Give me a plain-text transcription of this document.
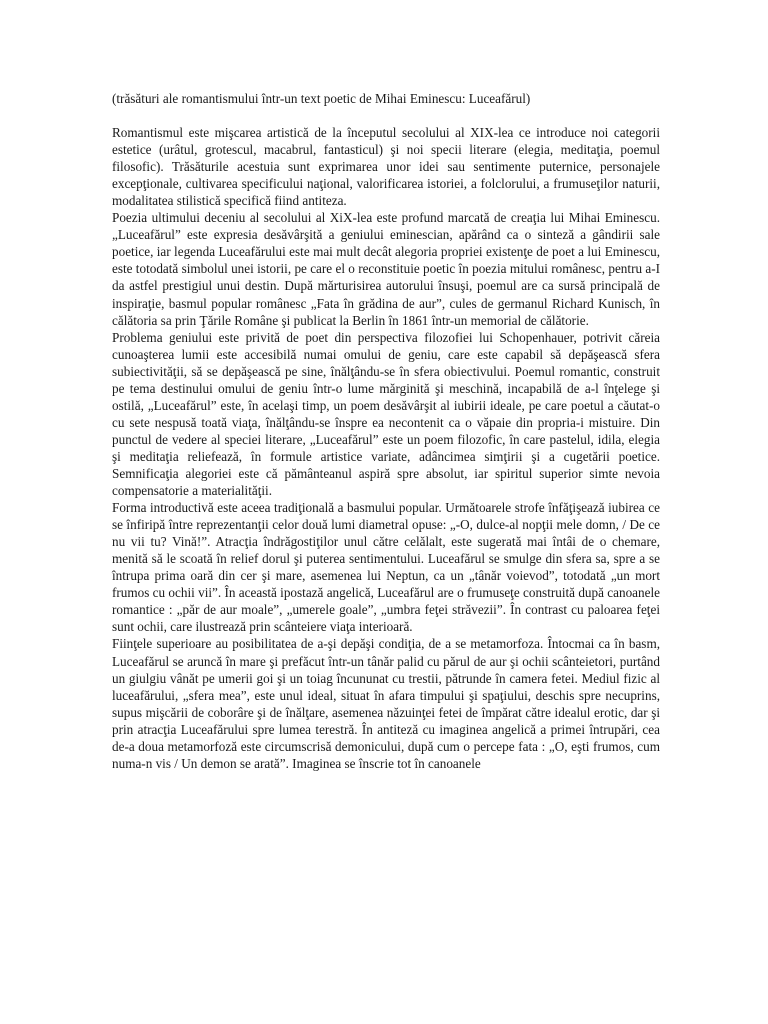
(trăsături ale romantismului într-un text poetic de Mihai Eminescu: Luceafărul)

Romantismul este mişcarea artistică de la începutul secolului al XIX-lea ce introduce noi categorii estetice (urâtul, grotescul, macabrul, fantasticul) şi noi specii literare (elegia, meditaţia, poemul filosofic). Trăsăturile acestuia sunt exprimarea unor idei sau sentimente puternice, personajele excepţionale, cultivarea specificului naţional, valorificarea istoriei, a folclorului, a frumuseţilor naturii, modalitatea stilistică specifică fiind antiteza.

Poezia ultimului deceniu al secolului al XiX-lea este profund marcată de creaţia lui Mihai Eminescu. „Luceafărul” este expresia desăvârşită a geniului eminescian, apărând ca o sinteză a gândirii sale poetice, iar legenda Luceafărului este mai mult decât alegoria propriei existenţe de poet a lui Eminescu, este totodată simbolul unei istorii, pe care el o reconstituie poetic în poezia mitului românesc, pentru a-I da astfel prestigiul unui destin. După mărturisirea autorului însuşi, poemul are ca sursă principală de inspiraţie, basmul popular românesc „Fata în grădina de aur”, cules de germanul Richard Kunisch, în călătoria sa prin Ţările Române şi publicat la Berlin în 1861 într-un memorial de călătorie.

Problema geniului este privită de poet din perspectiva filozofiei lui Schopenhauer, potrivit căreia cunoaşterea lumii este accesibilă numai omului de geniu, care este capabil să depăşească sfera subiectivităţii, să se depăşească pe sine, înălţându-se în sfera obiectivului. Poemul romantic, construit pe tema destinului omului de geniu într-o lume mărginită şi meschină, incapabilă de a-l înţelege şi ostilă, „Luceafărul” este, în acelaşi timp, un poem desăvârşit al iubirii ideale, pe care poetul a căutat-o cu sete nespusă toată viaţa, înălţându-se înspre ea necontenit ca o văpaie din propria-i mistuire. Din punctul de vedere al speciei literare, „Luceafărul” este un poem filozofic, în care pastelul, idila, elegia şi meditaţia reliefează, în formule artistice variate, adâncimea simţirii şi a cugetării poetice. Semnificaţia alegoriei este că pământeanul aspiră spre absolut, iar spiritul superior simte nevoia compensatorie a materialităţii.

Forma introductivă este aceea tradiţională a basmului popular. Următoarele strofe înfăţişează iubirea ce se înfiripă între reprezentanţii celor două lumi diametral opuse: „-O, dulce-al nopţii mele domn, / De ce nu vii tu? Vină!”. Atracţia îndrăgostiţilor unul către celălalt, este sugerată mai întâi de o chemare, menită să le scoată în relief dorul şi puterea sentimentului. Luceafărul se smulge din sfera sa, spre a se întrupa prima oară din cer şi mare, asemenea lui Neptun, ca un „tânăr voievod”, totodată „un mort frumos cu ochii vii”. În această ipostază angelică, Luceafărul are o frumuseţe construită după canoanele romantice : „păr de aur moale”, „umerele goale”, „umbra feţei străvezii”. În contrast cu paloarea feţei sunt ochii, care ilustrează prin scânteiere viaţa interioară.

Fiinţele superioare au posibilitatea de a-şi depăşi condiţia, de a se metamorfoza. Întocmai ca în basm, Luceafărul se aruncă în mare şi prefăcut într-un tânăr palid cu părul de aur şi ochii scânteietori, purtând un giulgiu vânăt pe umerii goi şi un toiag încununat cu trestii, pătrunde în camera fetei. Mediul fizic al luceafărului, „sfera mea”, este unul ideal, situat în afara timpului şi spaţiului, deschis spre necuprins, supus mişcării de coborâre şi de înălţare, asemenea năzuinţei fetei de împărat către idealul erotic, dar şi prin atracţia Luceafărului spre lumea terestră. În antiteză cu imaginea angelică a primei întrupări, cea de-a doua metamorfoză este circumscrisă demonicului, după cum o percepe fata : „O, eşti frumos, cum numa-n vis / Un demon se arată”. Imaginea se înscrie tot în canoanele
